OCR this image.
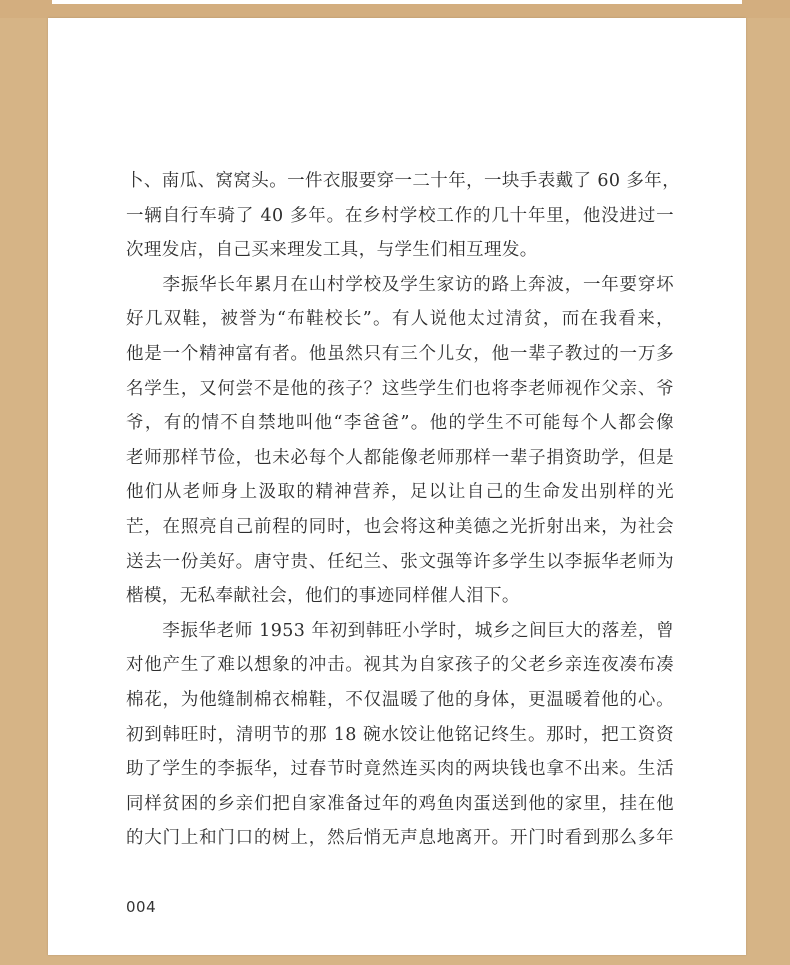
卜、南瓜、窝窝头。一件衣服要穿一二十年，一块手表戴了 60 多年，
一辆自行车骑了 40 多年。在乡村学校工作的几十年里，他没进过一
次理发店，自己买来理发工具，与学生们相互理发。
　　李振华长年累月在山村学校及学生家访的路上奔波，一年要穿坏
好几双鞋，被誉为“布鞋校长”。有人说他太过清贫，而在我看来，
他是一个精神富有者。他虽然只有三个儿女，他一辈子教过的一万多
名学生，又何尝不是他的孩子？这些学生们也将李老师视作父亲、爷
爷，有的情不自禁地叫他“李爸爸”。他的学生不可能每个人都会像
老师那样节俭，也未必每个人都能像老师那样一辈子捐资助学，但是
他们从老师身上汲取的精神营养，足以让自己的生命发出别样的光
芒，在照亮自己前程的同时，也会将这种美德之光折射出来，为社会
送去一份美好。唐守贵、任纪兰、张文强等许多学生以李振华老师为
楷模，无私奉献社会，他们的事迹同样催人泪下。
　　李振华老师 1953 年初到韩旺小学时，城乡之间巨大的落差，曾
对他产生了难以想象的冲击。视其为自家孩子的父老乡亲连夜凑布凑
棉花，为他缝制棉衣棉鞋，不仅温暖了他的身体，更温暖着他的心。
初到韩旺时，清明节的那 18 碗水饺让他铭记终生。那时，把工资资
助了学生的李振华，过春节时竟然连买肉的两块钱也拿不出来。生活
同样贫困的乡亲们把自家准备过年的鸡鱼肉蛋送到他的家里，挂在他
的大门上和门口的树上，然后悄无声息地离开。开门时看到那么多年
004
